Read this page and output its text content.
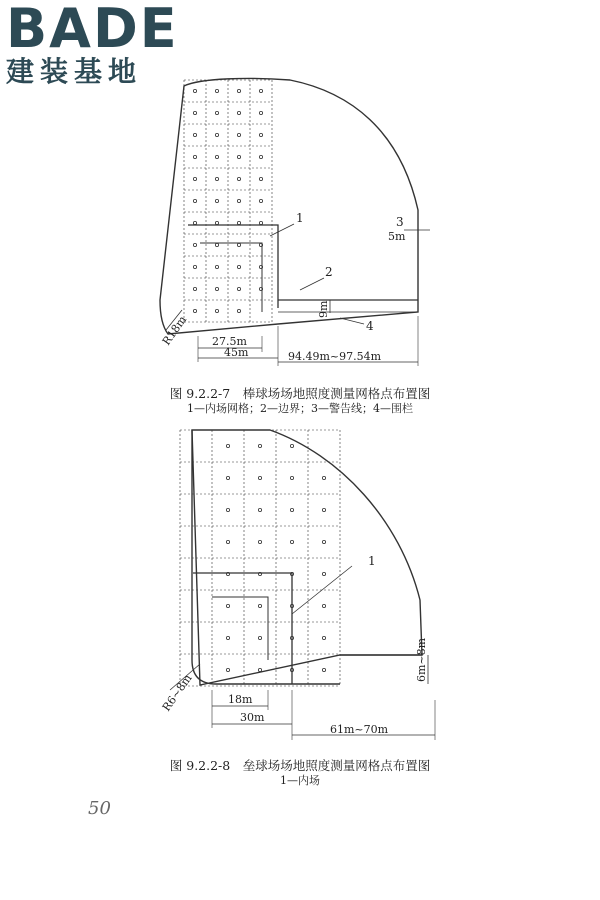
BADE
建装基地
1
2
3
4
5m
9m
R18m 27.5m
45m	94.49m~97.54m
1
6m~8m
R6~8m	18m
30m
61m~70m
图 9.2.2-7　棒球场场地照度测量网格点布置图
1—内场网格；2—边界；3—警告线；4—围栏
图 9.2.2-8　垒球场场地照度测量网格点布置图
1—内场
50
